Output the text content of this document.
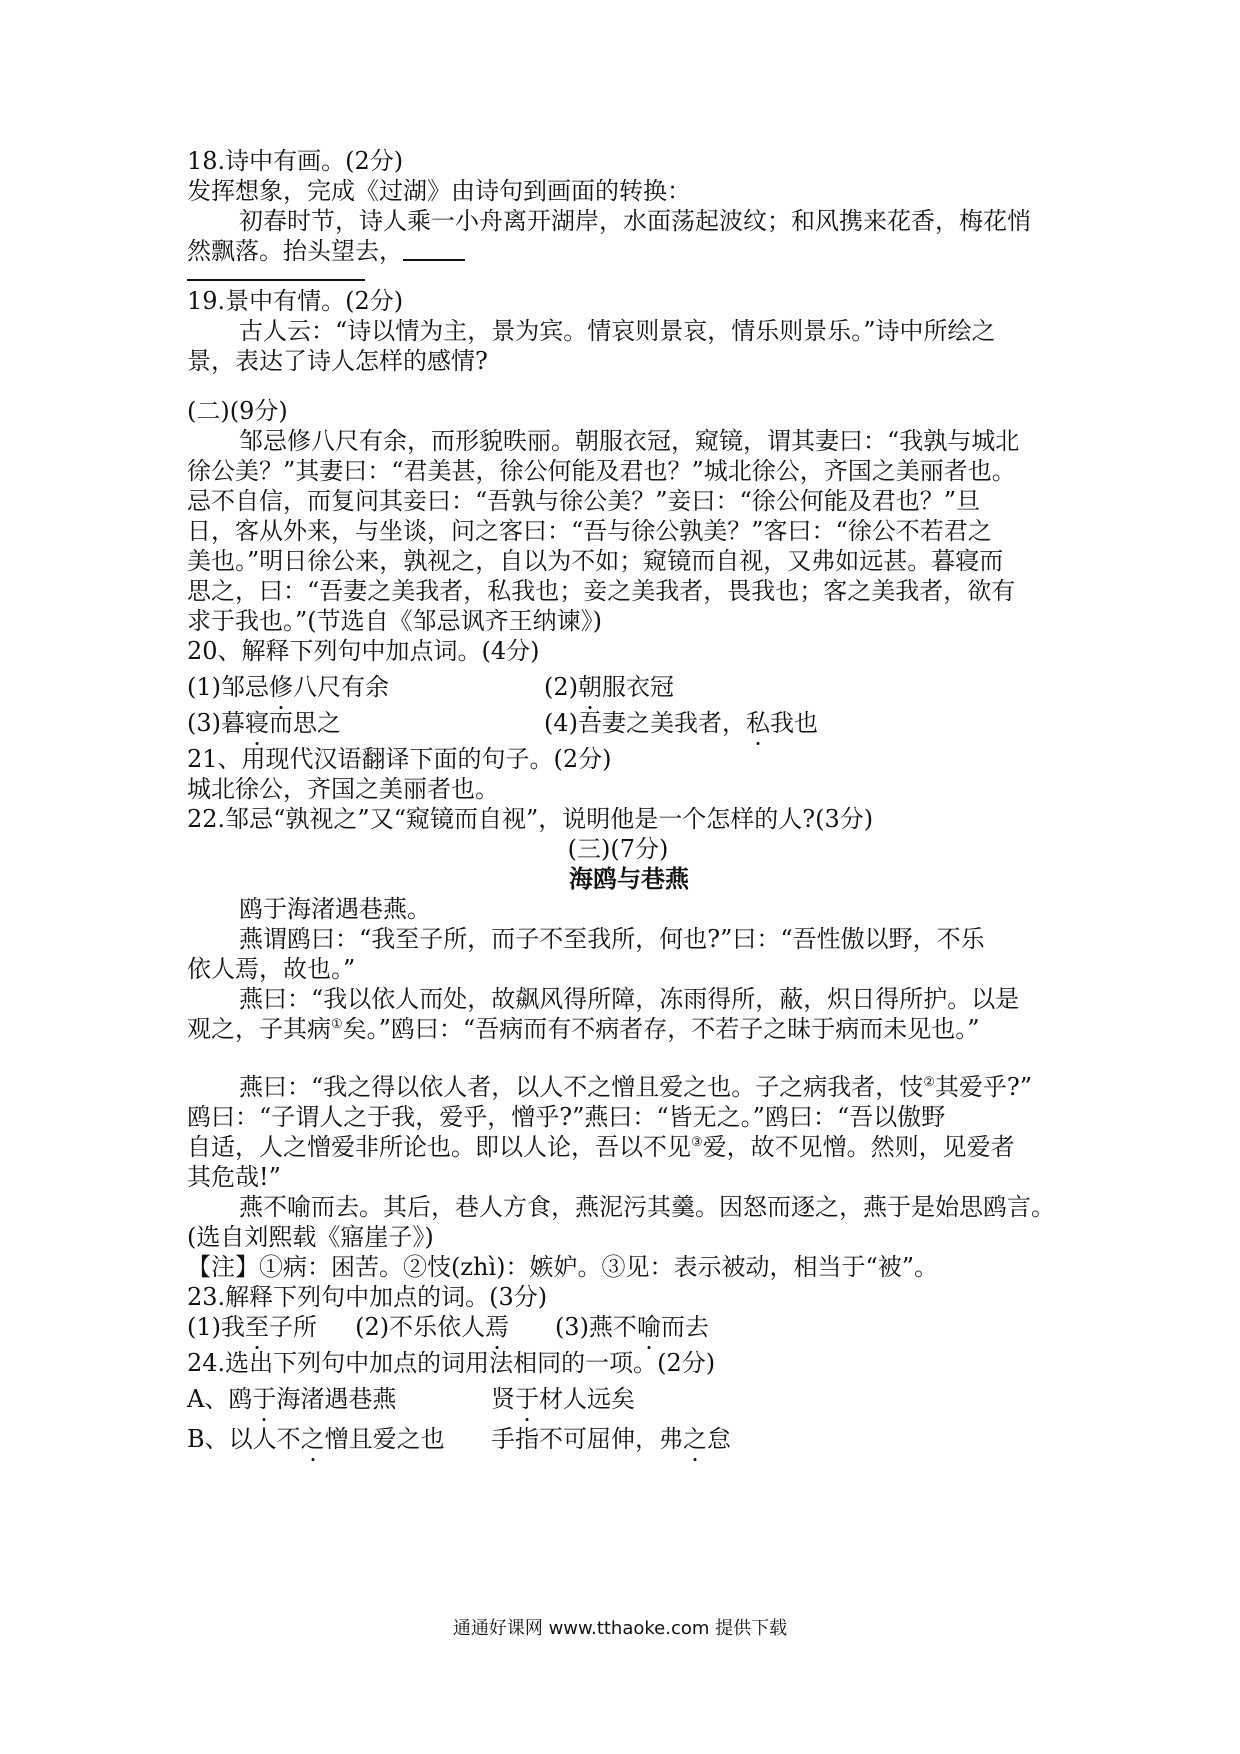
18.诗中有画。(2分)

发挥想象，完成《过湖》由诗句到画面的转换：

初春时节，诗人乘一小舟离开湖岸，水面荡起波纹；和风携来花香，梅花悄

然飘落。抬头望去，

19.景中有情。(2分)

古人云：“诗以情为主，景为宾。情哀则景哀，情乐则景乐。”诗中所绘之

景，表达了诗人怎样的感情?

(二)(9分)

邹忌修八尺有余，而形貌昳丽。朝服衣冠，窥镜，谓其妻曰：“我孰与城北

徐公美？”其妻曰：“君美甚，徐公何能及君也？”城北徐公，齐国之美丽者也。

忌不自信，而复问其妾曰：“吾孰与徐公美？”妾曰：“徐公何能及君也？”旦

日，客从外来，与坐谈，问之客曰：“吾与徐公孰美？”客曰：“徐公不若君之

美也。”明日徐公来，孰视之，自以为不如；窥镜而自视，又弗如远甚。暮寝而

思之，曰：“吾妻之美我者，私我也；妾之美我者，畏我也；客之美我者，欲有

求于我也。”(节选自《邹忌讽齐王纳谏》)

20、解释下列句中加点词。(4分)

(1)邹忌修八尺有余	(2)朝服衣冠

(3)暮寝而思之	(4)吾妻之美我者，私我也

21、用现代汉语翻译下面的句子。(2分)

城北徐公，齐国之美丽者也。

22.邹忌“孰视之”又“窥镜而自视”，说明他是一个怎样的人?(3分)

(三)(7分)

海鸥与巷燕

鸥于海渚遇巷燕。

燕谓鸥曰：“我至子所，而子不至我所，何也?”曰：“吾性傲以野，不乐

依人焉，故也。”

燕曰：“我以依人而处，故飙风得所障，冻雨得所，蔽，炽日得所护。以是

观之，子其病①矣。”鸥曰：“吾病而有不病者存，不若子之昧于病而未见也。”

燕曰：“我之得以依人者，以人不之憎且爱之也。子之病我者，忮②其爱乎?”

鸥曰：“子谓人之于我，爱乎，憎乎?”燕曰：“皆无之。”鸥曰：“吾以傲野

自适，人之憎爱非所论也。即以人论，吾以不见③爱，故不见憎。然则，见爱者

其危哉!”

燕不喻而去。其后，巷人方食，燕泥污其羹。因怒而逐之，燕于是始思鸥言。

(选自刘熙载《寤崖子》)

【注】①病：困苦。②忮(zhì)：嫉妒。③见：表示被动，相当于“被”。

23.解释下列句中加点的词。(3分)

(1)我至子所 (2)不乐依人焉 (3)燕不喻而去

24.选出下列句中加点的词用法相同的一项。(2分)

A、鸥于海渚遇巷燕	贤于材人远矣

B、以人不之憎且爱之也 手指不可屈伸，弗之怠

通通好课网 www.tthaoke.com 提供下载
